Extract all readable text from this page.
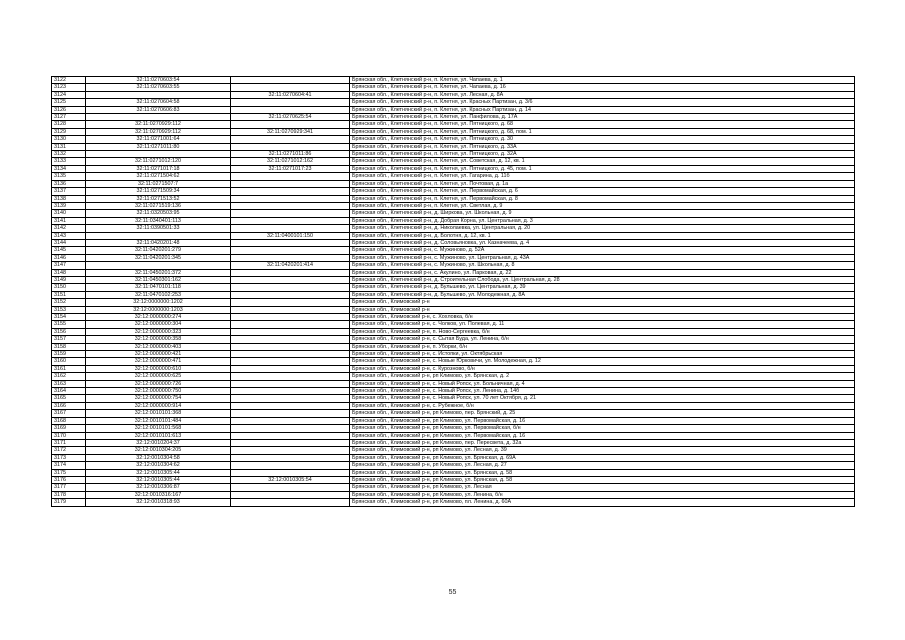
3122	32:11:0270603:54		Брянская обл., Клетнянский р-н, п. Клетня, ул. Чапаева, д. 1
3123	32:11:0270603:55		Брянская обл., Клетнянский р-н, п. Клетня, ул. Чапаева, д. 16
3124		32:11:0270604:41	Брянская обл., Клетнянский р-н, п. Клетня, ул. Лесная, д. 8А
3125	32:11:0270604:58		Брянская обл., Клетнянский р-н, п. Клетня, ул. Красных Партизан, д. 3/6
3126	32:11:0270606:83		Брянская обл., Клетнянский р-н, п. Клетня, ул. Красных Партизан, д. 14
3127		32:11:0270625:54	Брянская обл., Клетнянский р-н, п. Клетня, ул. Панфилова, д. 17А
3128	32:11:0270929:112		Брянская обл., Клетнянский р-н, п. Клетня, ул. Пятницкого, д. 68
3129	32:11:0270929:112	32:11:0270929:341	Брянская обл., Клетнянский р-н, п. Клетня, ул. Пятницкого, д. 68, пом. 1
3130	32:11:0271001:64		Брянская обл., Клетнянский р-н, п. Клетня, ул. Пятницкого, д. 30
3131	32:11:0271011:80		Брянская обл., Клетнянский р-н, п. Клетня, ул. Пятницкого, д. 33А
3132		32:11:0271011:86	Брянская обл., Клетнянский р-н, п. Клетня, ул. Пятницкого, д. 32А
3133	32:11:0271012:120	32:11:0271012:162	Брянская обл., Клетнянский р-н, п. Клетня, ул. Советская, д. 12, кв. 1
3134	32:11:0271017:18	32:11:0271017:23	Брянская обл., Клетнянский р-н, п. Клетня, ул. Пятницкого, д. 45, пом. 1
3135	32:11:0271504:62		Брянская обл., Клетнянский р-н, п. Клетня, ул. Гагарина, д. 11б
3136	32:11:0271507:7		Брянская обл., Клетнянский р-н, п. Клетня, ул. Почтовая, д. 1а
3137	32:11:0271509:34		Брянская обл., Клетнянский р-н, п. Клетня, ул. Первомайская, д. 6
3138	32:11:0271513:52		Брянская обл., Клетнянский р-н, п. Клетня, ул. Первомайская, д. 8
3139	32:11:0271519:136		Брянская обл., Клетнянский р-н, п. Клетня, ул. Светлая, д. 9
3140	32:11:0320503:95		Брянская обл., Клетнянский р-н, д. Ширкова, ул. Школьная, д. 9
3141	32:11:0340401:113		Брянская обл., Клетнянский р-н, д. Добрая Корна, ул. Центральная, д. 3
3142	32:11:0390501:33		Брянская обл., Клетнянский р-н, д. Николаевка, ул. Центральная, д. 20
3143		32:11:0400101:150	Брянская обл., Клетнянский р-н, д. Болотня, д. 12, кв. 1
3144	32:11:0420201:48		Брянская обл., Клетнянский р-н, д. Соловьяновка, ул. Казначеева, д. 4
3145	32:11:0420201:279		Брянская обл., Клетнянский р-н, с. Мужиново, д. 52А
3146	32:11:0420201:345		Брянская обл., Клетнянский р-н, с. Мужиново, ул. Центральная, д. 43А
3147		32:11:0420201:414	Брянская обл., Клетнянский р-н, с. Мужиново, ул. Школьная, д. 8
3148	32:11:0450201:372		Брянская обл., Клетнянский р-н, с. Акулино, ул. Парковая, д. 22
3149	32:11:0450301:162		Брянская обл., Клетнянский р-н, д. Строительная Слобода, ул. Центральная, д. 28
3150	32:11:0470101:118		Брянская обл., Клетнянский р-н, д. Бульшево, ул. Центральная, д. 39
3151	32:11:0470102:253		Брянская обл., Клетнянский р-н, д. Бульшево, ул. Молодежная, д. 8А
3152	32:12:0000000:1202		Брянская обл., Климовский р-н
3153	32:12:0000000:1203		Брянская обл., Климовский р-н
3154	32:12:0000000:274		Брянская обл., Климовский р-н, с. Хохловка, б/н
3155	32:12:0000000:304		Брянская обл., Климовский р-н, с. Чолков, ул. Полевая, д. 11
3156	32:12:0000000:323		Брянская обл., Климовский р-н, п. Ново-Сергеевка, б/н
3157	32:12:0000000:358		Брянская обл., Климовский р-н, с. Сытая Буда, ул. Ленина, б/н
3158	32:12:0000000:403		Брянская обл., Климовский р-н, п. Уборки, б/н
3159	32:12:0000000:421		Брянская обл., Климовский р-н, с. Истопки, ул. Октябрьская
3160	32:12:0000000:471		Брянская обл., Климовский р-н, с. Новые Юрковичи, ул. Молодежная, д. 12
3161	32:12:0000000:610		Брянская обл., Климовский р-н, с. Курозново, б/н
3162	32:12:0000000:625		Брянская обл., Климовский р-н, рп Климово, ул. Брянская, д. 2
3163	32:12:0000000:726		Брянская обл., Климовский р-н, с. Новый Ропск, ул. Больничная, д. 4
3164	32:12:0000000:750		Брянская обл., Климовский р-н, с. Новый Ропск, ул. Ленина, д. 14б
3165	32:12:0000000:754		Брянская обл., Климовский р-н, с. Новый Ропск, ул. 70 лет Октября, д. 21
3166	32:12:0000000:914		Брянская обл., Климовский р-н, с. Рубежное, б/н
3167	32:12:0010101:368		Брянская обл., Климовский р-н, рп Климово, пер. Брянский, д. 25
3168	32:12:0010101:484		Брянская обл., Климовский р-н, рп Климово, ул. Первомайская, д. 16
3169	32:12:0010101:568		Брянская обл., Климовский р-н, рп Климово, ул. Первомайская, б/н
3170	32:12:0010101:613		Брянская обл., Климовский р-н, рп Климово, ул. Первомайская, д. 16
3171	32:12:0010204:37		Брянская обл., Климовский р-н, рп Климово, пер. Пересвета, д. 32а
3172	32:12:0010304:205		Брянская обл., Климовский р-н, рп Климово, ул. Лесная, д. 39
3173	32:12:0010304:58		Брянская обл., Климовский р-н, рп Климово, ул. Брянская, д. 69А
3174	32:12:0010304:62		Брянская обл., Климовский р-н, рп Климово, ул. Лесная, д. 27
3175	32:12:0010305:44		Брянская обл., Климовский р-н, рп Климово, ул. Брянская, д. 58
3176	32:12:0010305:44	32:12:0010305:54	Брянская обл., Климовский р-н, рп Климово, ул. Брянская, д. 58
3177	32:12:0010306:87		Брянская обл., Климовский р-н, рп Климово, ул. Лесная
3178	32:12:0010316:167		Брянская обл., Климовский р-н, рп Климово, ул. Ленина, б/н
3179	32:12:0010318:93		Брянская обл., Климовский р-н, рп Климово, пл. Ленина, д. 60А
55
